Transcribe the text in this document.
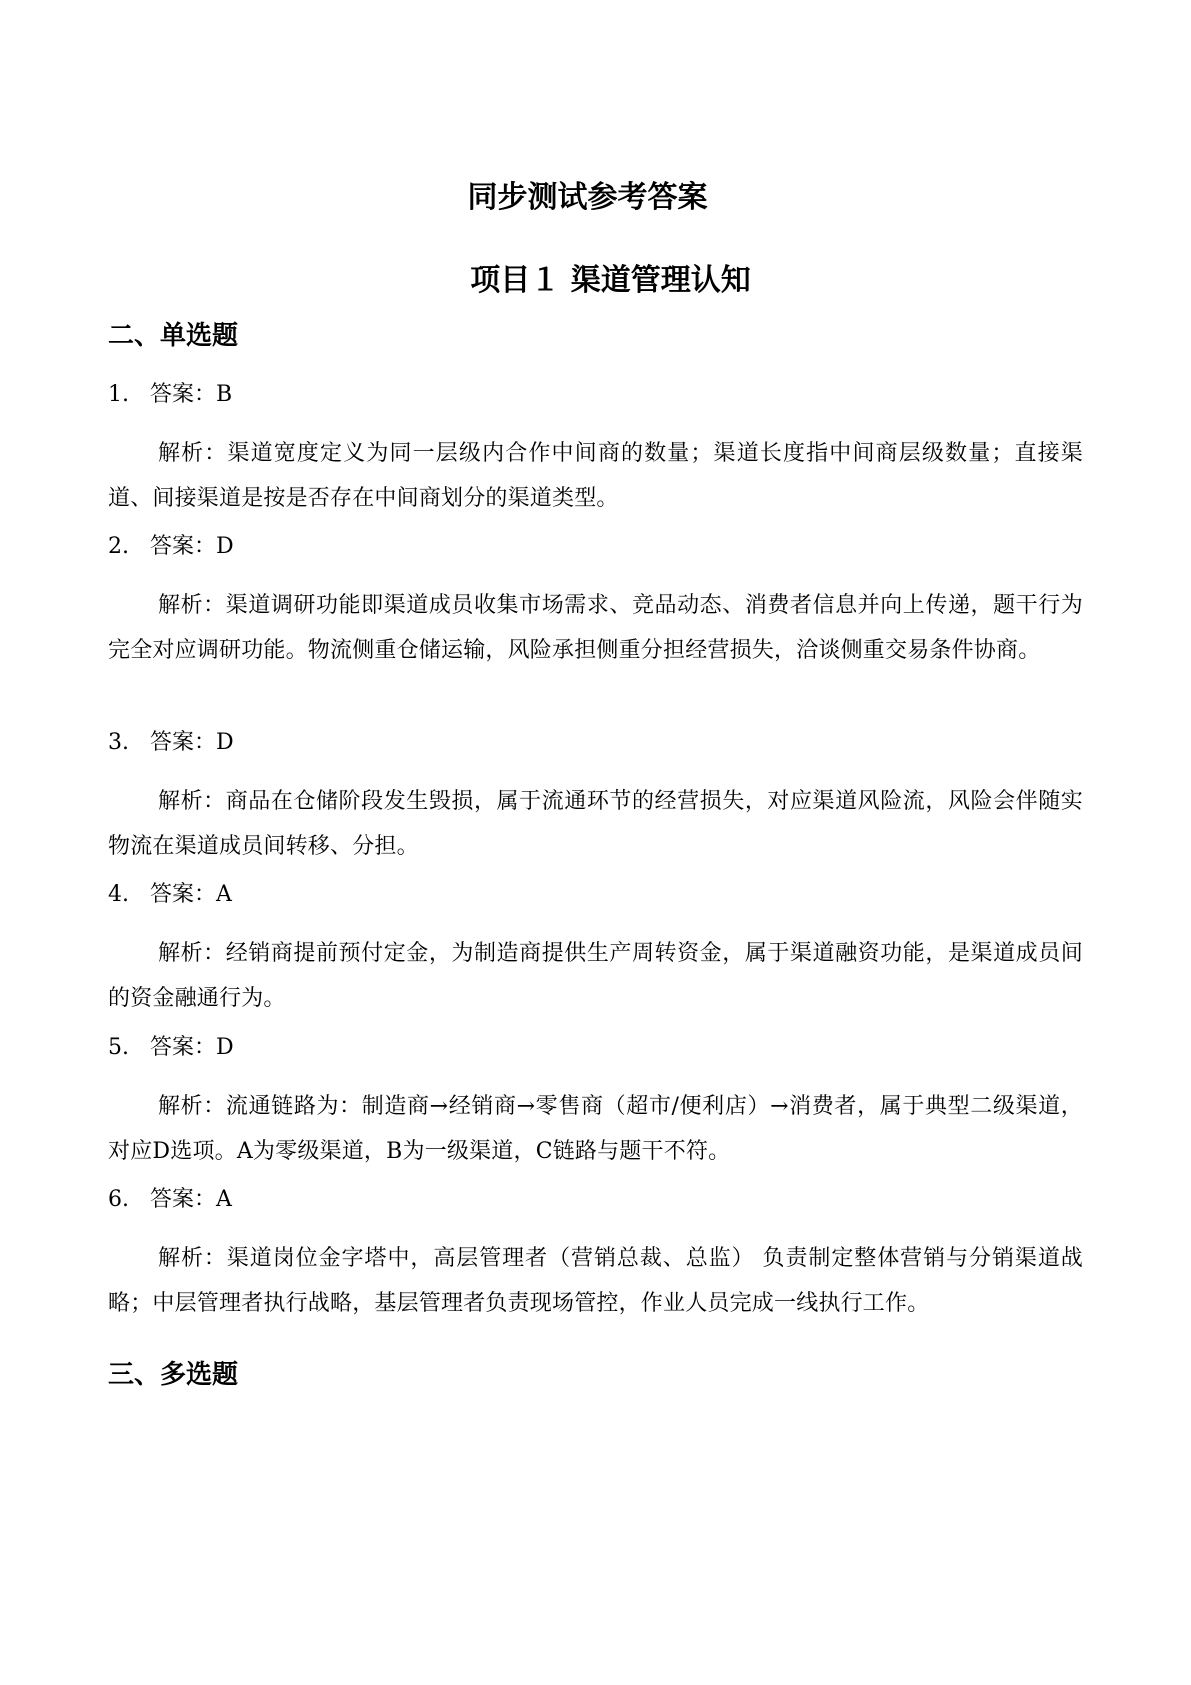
同步测试参考答案
项目１ 渠道管理认知
二、单选题
1. 答案：B
解析：渠道宽度定义为同一层级内合作中间商的数量；渠道长度指中间商层级数量；直接渠道、间接渠道是按是否存在中间商划分的渠道类型。
2. 答案：D
解析：渠道调研功能即渠道成员收集市场需求、竞品动态、消费者信息并向上传递，题干行为完全对应调研功能。物流侧重仓储运输，风险承担侧重分担经营损失，洽谈侧重交易条件协商。
3. 答案：D
解析：商品在仓储阶段发生毁损，属于流通环节的经营损失，对应渠道风险流，风险会伴随实物流在渠道成员间转移、分担。
4. 答案：A
解析：经销商提前预付定金，为制造商提供生产周转资金，属于渠道融资功能，是渠道成员间的资金融通行为。
5. 答案：D
解析：流通链路为：制造商→经销商→零售商（超市/便利店）→消费者，属于典型二级渠道，对应D选项。A为零级渠道，B为一级渠道，C链路与题干不符。
6. 答案：A
解析：渠道岗位金字塔中，高层管理者（营销总裁、总监） 负责制定整体营销与分销渠道战略；中层管理者执行战略，基层管理者负责现场管控，作业人员完成一线执行工作。
三、多选题
